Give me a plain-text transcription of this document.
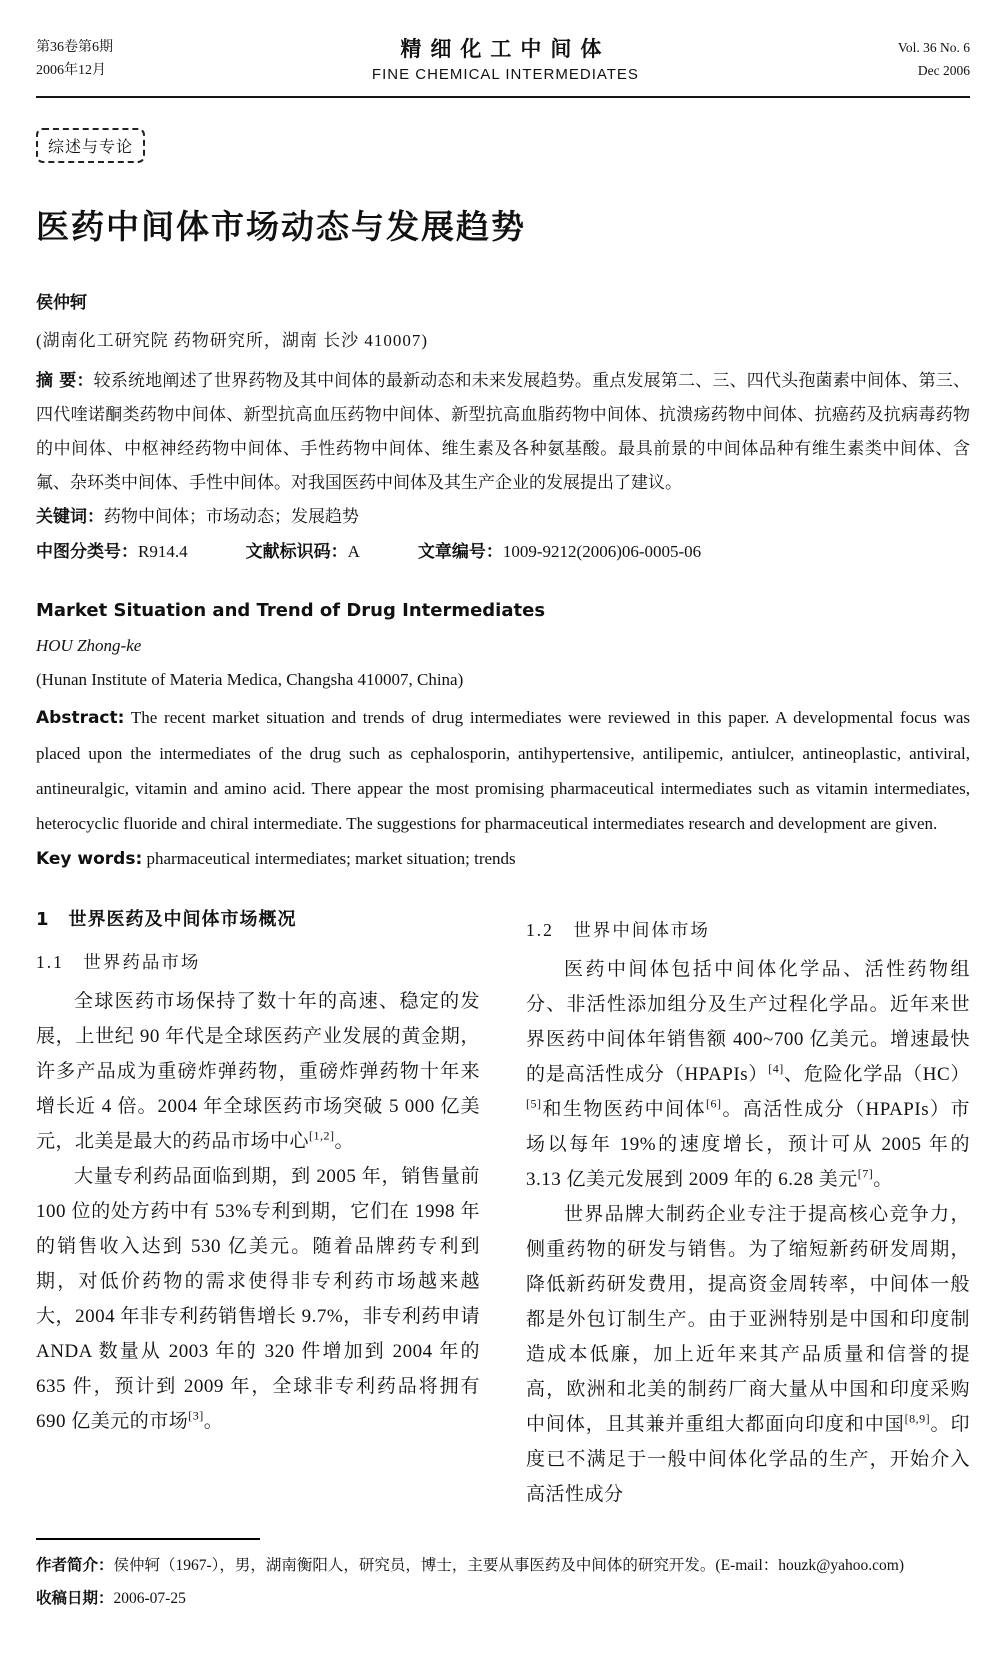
第36卷第6期
2006年12月
精细化工中间体
FINE CHEMICAL INTERMEDIATES
Vol. 36 No. 6
Dec 2006
综述与专论
医药中间体市场动态与发展趋势
侯仲轲
(湖南化工研究院 药物研究所，湖南 长沙 410007)

摘 要：较系统地阐述了世界药物及其中间体的最新动态和未来发展趋势。重点发展第二、三、四代头孢菌素中间体、第三、四代喹诺酮类药物中间体、新型抗高血压药物中间体、新型抗高血脂药物中间体、抗溃疡药物中间体、抗癌药及抗病毒药物的中间体、中枢神经药物中间体、手性药物中间体、维生素及各种氨基酸。最具前景的中间体品种有维生素类中间体、含氟、杂环类中间体、手性中间体。对我国医药中间体及其生产企业的发展提出了建议。

关键词：药物中间体；市场动态；发展趋势

中图分类号：R914.4	文献标识码：A	文章编号：1009-9212(2006)06-0005-06

Market Situation and Trend of Drug Intermediates
HOU Zhong-ke
(Hunan Institute of Materia Medica, Changsha 410007, China)

Abstract: The recent market situation and trends of drug intermediates were reviewed in this paper. A developmental focus was placed upon the intermediates of the drug such as cephalosporin, antihypertensive, antilipemic, antiulcer, antineoplastic, antiviral, antineuralgic, vitamin and amino acid. There appear the most promising pharmaceutical intermediates such as vitamin intermediates, heterocyclic fluoride and chiral intermediate. The suggestions for pharmaceutical intermediates research and development are given.

Key words: pharmaceutical intermediates; market situation; trends

1　世界医药及中间体市场概况
1.1　世界药品市场

全球医药市场保持了数十年的高速、稳定的发展，上世纪 90 年代是全球医药产业发展的黄金期，许多产品成为重磅炸弹药物，重磅炸弹药物十年来增长近 4 倍。2004 年全球医药市场突破 5 000 亿美元，北美是最大的药品市场中心[1,2]。

大量专利药品面临到期，到 2005 年，销售量前 100 位的处方药中有 53%专利到期，它们在 1998 年的销售收入达到 530 亿美元。随着品牌药专利到期，对低价药物的需求使得非专利药市场越来越大，2004 年非专利药销售增长 9.7%，非专利药申请 ANDA 数量从 2003 年的 320 件增加到 2004 年的 635 件，预计到 2009 年，全球非专利药品将拥有 690 亿美元的市场[3]。

1.2　世界中间体市场

医药中间体包括中间体化学品、活性药物组分、非活性添加组分及生产过程化学品。近年来世界医药中间体年销售额 400~700 亿美元。增速最快的是高活性成分（HPAPIs）[4]、危险化学品（HC）[5]和生物医药中间体[6]。高活性成分（HPAPIs）市场以每年 19%的速度增长，预计可从 2005 年的 3.13 亿美元发展到 2009 年的 6.28 美元[7]。

世界品牌大制药企业专注于提高核心竞争力，侧重药物的研发与销售。为了缩短新药研发周期，降低新药研发费用，提高资金周转率，中间体一般都是外包订制生产。由于亚洲特别是中国和印度制造成本低廉，加上近年来其产品质量和信誉的提高，欧洲和北美的制药厂商大量从中国和印度采购中间体，且其兼并重组大都面向印度和中国[8,9]。印度已不满足于一般中间体化学品的生产，开始介入高活性成分

作者简介：侯仲轲（1967-），男，湖南衡阳人，研究员，博士，主要从事医药及中间体的研究开发。(E-mail：houzk@yahoo.com)
收稿日期：2006-07-25
